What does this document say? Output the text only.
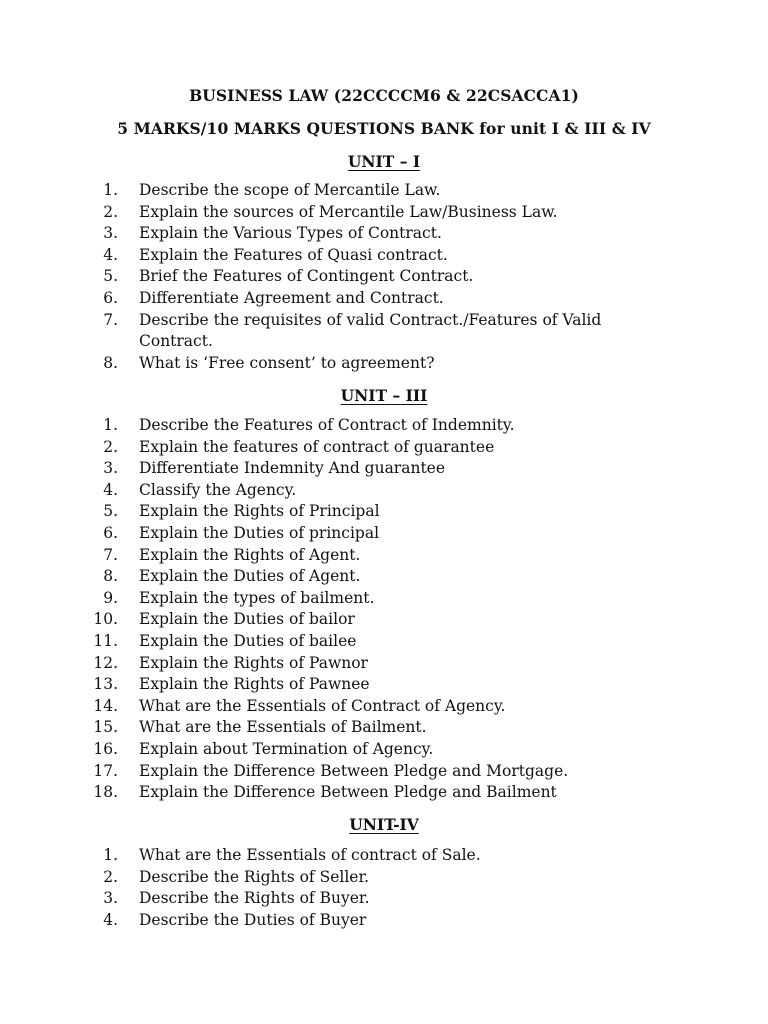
BUSINESS LAW (22CCCCM6 & 22CSACCA1)
5 MARKS/10 MARKS QUESTIONS BANK for unit I & III & IV
UNIT – I
1. Describe the scope of Mercantile Law.
2. Explain the sources of Mercantile Law/Business Law.
3. Explain the Various Types of Contract.
4. Explain the Features of Quasi contract.
5. Brief the Features of Contingent Contract.
6. Differentiate Agreement and Contract.
7. Describe the requisites of valid Contract./Features of Valid Contract.
8. What is ‘Free consent’ to agreement?
UNIT – III
1. Describe the Features of Contract of Indemnity.
2. Explain the features of contract of guarantee
3. Differentiate Indemnity And guarantee
4. Classify the Agency.
5. Explain the Rights of Principal
6. Explain the Duties of principal
7. Explain the Rights of Agent.
8. Explain the Duties of Agent.
9. Explain the types of bailment.
10. Explain the Duties of bailor
11. Explain the Duties of bailee
12. Explain the Rights of Pawnor
13. Explain the Rights of Pawnee
14. What are the Essentials of Contract of Agency.
15. What are the Essentials of Bailment.
16. Explain about Termination of Agency.
17. Explain the Difference Between Pledge and Mortgage.
18. Explain the Difference Between Pledge and Bailment
UNIT-IV
1. What are the Essentials of contract of Sale.
2. Describe the Rights of Seller.
3. Describe the Rights of Buyer.
4. Describe the Duties of Buyer
